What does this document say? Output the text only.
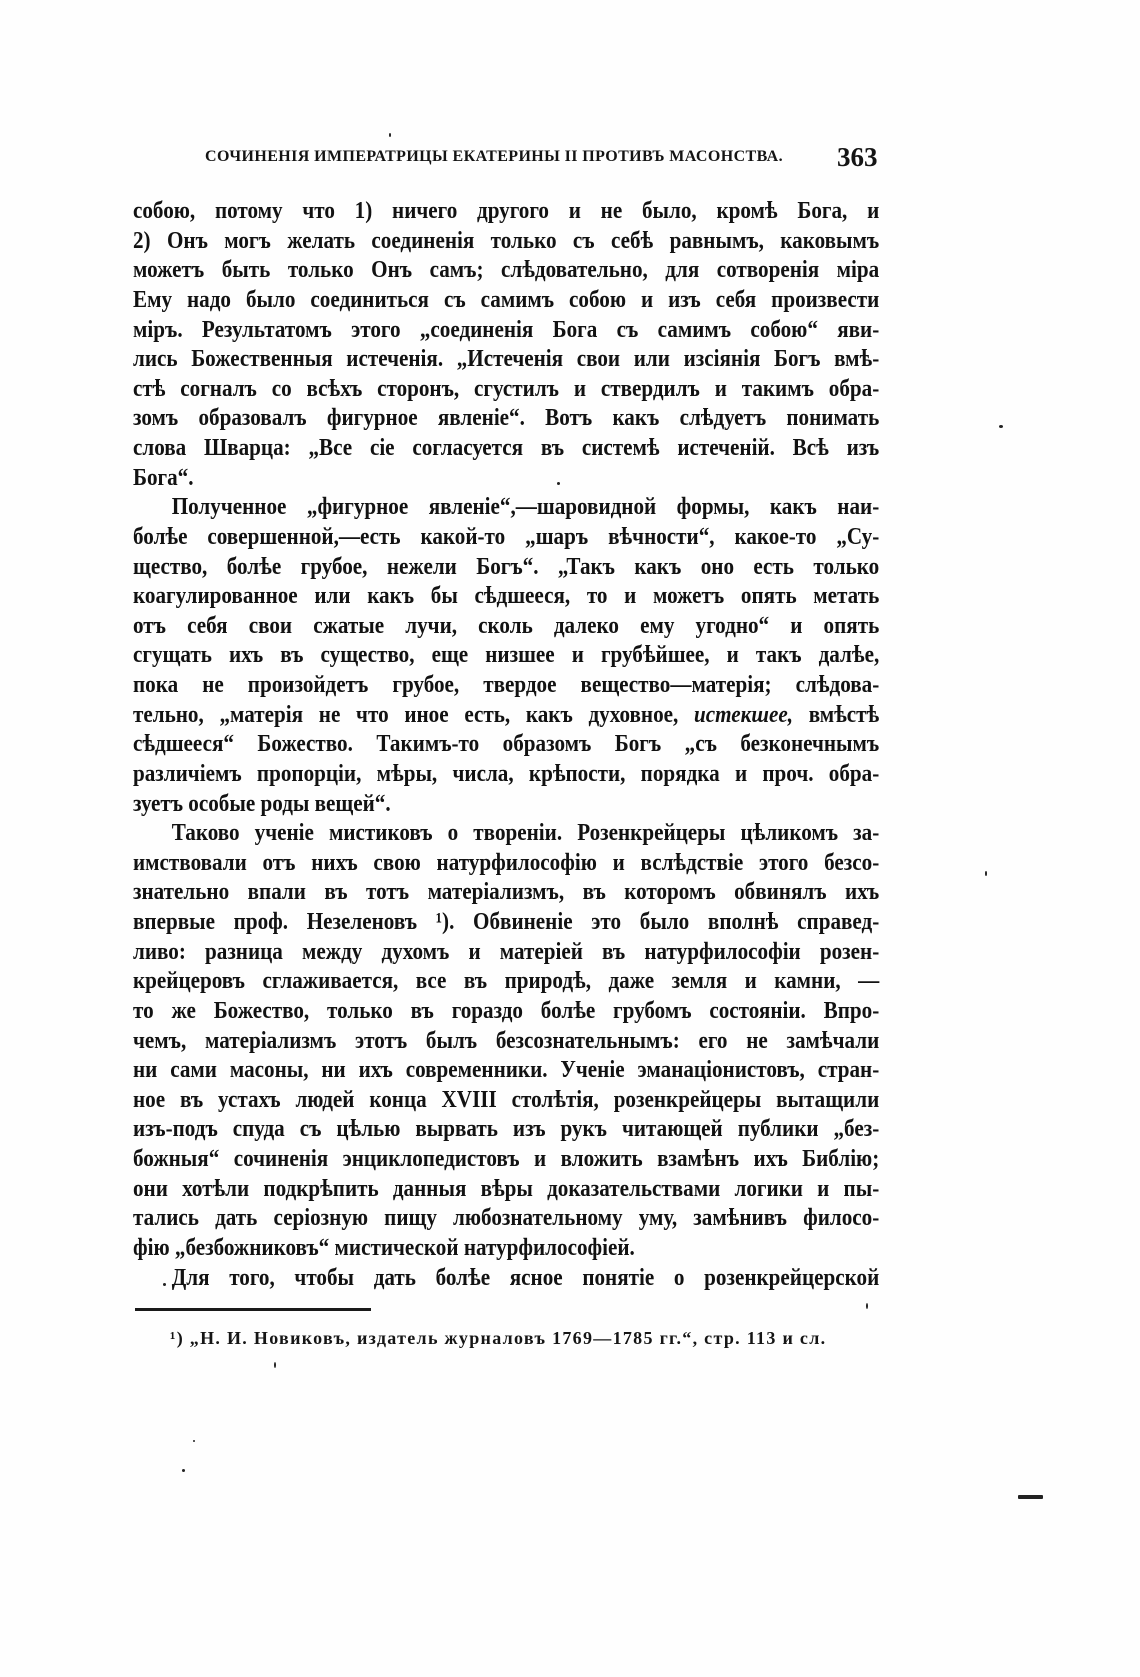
СОЧИНЕНІЯ ИМПЕРАТРИЦЫ ЕКАТЕРИНЫ II ПРОТИВЪ МАСОНСТВА. 363
собою, потому что 1) ничего другого и не было, кромѣ Бога, и
2) Онъ могъ желать соединенія только съ себѣ равнымъ, каковымъ
можетъ быть только Онъ самъ; слѣдовательно, для сотворенія міра
Ему надо было соединиться съ самимъ собою и изъ себя произвести
міръ. Результатомъ этого „соединенія Бога съ самимъ собою“ яви-
лись Божественныя истеченія. „Истеченія свои или изсіянія Богъ вмѣ-
стѣ согналъ со всѣхъ сторонъ, сгустилъ и ствердилъ и такимъ обра-
зомъ образовалъ фигурное явленіе“. Вотъ какъ слѣдуетъ понимать
слова Шварца: „Все сіе согласуется въ системѣ истеченій. Всѣ изъ
Бога“.
Полученное „фигурное явленіе“,—шаровидной формы, какъ наи-
болѣе совершенной,—есть какой-то „шаръ вѣчности“, какое-то „Су-
щество, болѣе грубое, нежели Богъ“. „Такъ какъ оно есть только
коагулированное или какъ бы сѣдшееся, то и можетъ опять метать
отъ себя свои сжатые лучи, сколь далеко ему угодно“ и опять
сгущать ихъ въ существо, еще низшее и грубѣйшее, и такъ далѣе,
пока не произойдетъ грубое, твердое вещество—матерія; слѣдова-
тельно, „матерія не что иное есть, какъ духовное, истекшее, вмѣстѣ
сѣдшееся“ Божество. Такимъ-то образомъ Богъ „съ безконечнымъ
различіемъ пропорціи, мѣры, числа, крѣпости, порядка и проч. обра-
зуетъ особые роды вещей“.
Таково ученіе мистиковъ о твореніи. Розенкрейцеры цѣликомъ за-
имствовали отъ нихъ свою натурфилософію и вслѣдствіе этого безсо-
знательно впали въ тотъ матеріализмъ, въ которомъ обвинялъ ихъ
впервые проф. Незеленовъ ¹). Обвиненіе это было вполнѣ справед-
ливо: разница между духомъ и матеріей въ натурфилософіи розен-
крейцеровъ сглаживается, все въ природѣ, даже земля и камни, —
то же Божество, только въ гораздо болѣе грубомъ состояніи. Впро-
чемъ, матеріализмъ этотъ былъ безсознательнымъ: его не замѣчали
ни сами масоны, ни ихъ современники. Ученіе эманаціонистовъ, стран-
ное въ устахъ людей конца XVIII столѣтія, розенкрейцеры вытащили
изъ-подъ спуда съ цѣлью вырвать изъ рукъ читающей публики „без-
божныя“ сочиненія энциклопедистовъ и вложить взамѣнъ ихъ Библію;
они хотѣли подкрѣпить данныя вѣры доказательствами логики и пы-
тались дать серіозную пищу любознательному уму, замѣнивъ филосо-
фію „безбожниковъ“ мистической натурфилософіей.
Для того, чтобы дать болѣе ясное понятіе о розенкрейцерской
¹) „Н. И. Новиковъ, издатель журналовъ 1769—1785 гг.“, стр. 113 и сл.
